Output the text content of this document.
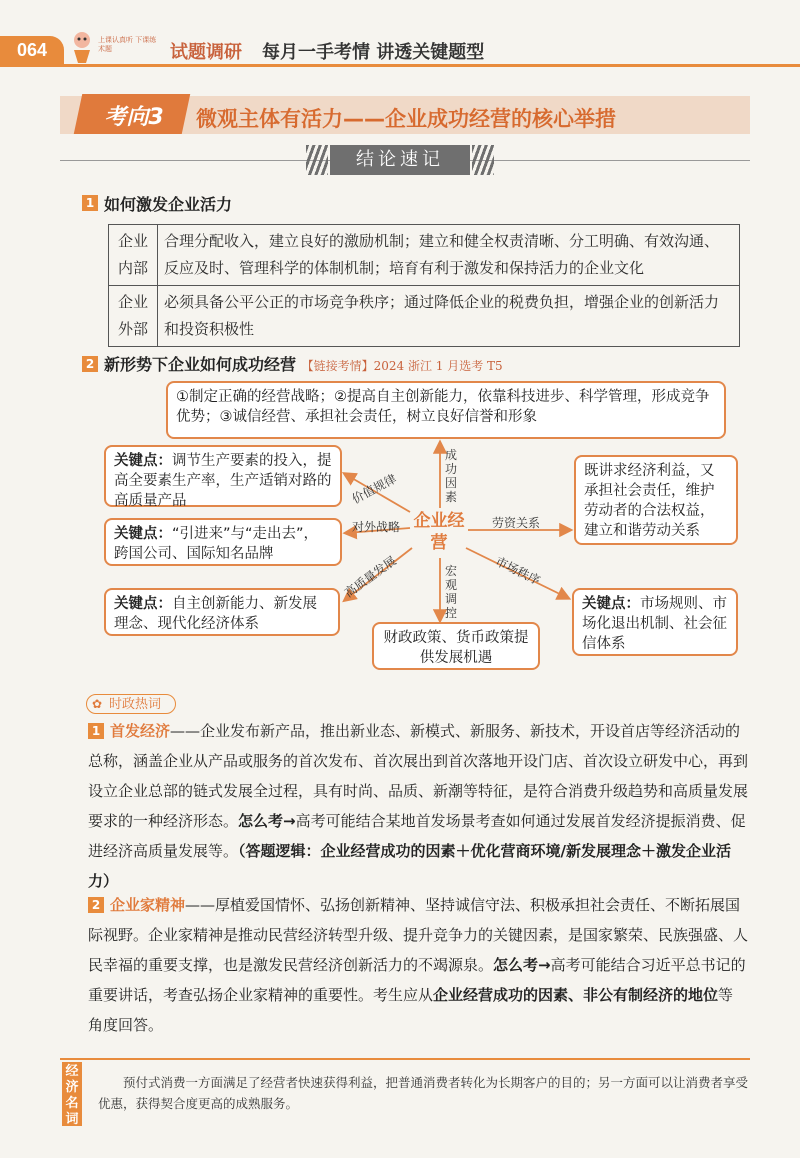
064	上课认真听 下课练术题	试题调研 每月一手考情 讲透关键题型
考向3	微观主体有活力——企业成功经营的核心举措
结论速记
1 如何激发企业活力
企业内部	合理分配收入，建立良好的激励机制；建立和健全权责清晰、分工明确、有效沟通、反应及时、管理科学的体制机制；培育有利于激发和保持活力的企业文化
企业外部	必须具备公平公正的市场竞争秩序；通过降低企业的税费负担，增强企业的创新活力和投资积极性
2 新形势下企业如何成功经营 【链接考情】2024 浙江 1 月选考 T5
①制定正确的经营战略；②提高自主创新能力，依靠科技进步、科学管理，形成竞争优势；③诚信经营、承担社会责任，树立良好信誉和形象
关键点：调节生产要素的投入，提高全要素生产率，生产适销对路的高质量产品
关键点：“引进来”与“走出去”，跨国公司、国际知名品牌
关键点：自主创新能力、新发展理念、现代化经济体系
既讲求经济利益，又承担社会责任，维护劳动者的合法权益，建立和谐劳动关系
关键点：市场规则、市场化退出机制、社会征信体系
财政政策、货币政策提供发展机遇
企业经营
成功因素
价值规律
对外战略
高质量发展
劳资关系
市场秩序
宏观调控
时政热词
✿
1 首发经济——企业发布新产品，推出新业态、新模式、新服务、新技术，开设首店等经济活动的总称，涵盖企业从产品或服务的首次发布、首次展出到首次落地开设门店、首次设立研发中心，再到设立企业总部的链式发展全过程，具有时尚、品质、新潮等特征，是符合消费升级趋势和高质量发展要求的一种经济形态。怎么考→高考可能结合某地首发场景考查如何通过发展首发经济提振消费、促进经济高质量发展等。（答题逻辑：企业经营成功的因素＋优化营商环境/新发展理念＋激发企业活力）
2 企业家精神——厚植爱国情怀、弘扬创新精神、坚持诚信守法、积极承担社会责任、不断拓展国际视野。企业家精神是推动民营经济转型升级、提升竞争力的关键因素，是国家繁荣、民族强盛、人民幸福的重要支撑，也是激发民营经济创新活力的不竭源泉。怎么考→高考可能结合习近平总书记的重要讲话，考查弘扬企业家精神的重要性。考生应从企业经营成功的因素、非公有制经济的地位等角度回答。
经济名词
预付式消费一方面满足了经营者快速获得利益，把普通消费者转化为长期客户的目的；另一方面可以让消费者享受优惠，获得契合度更高的成熟服务。
